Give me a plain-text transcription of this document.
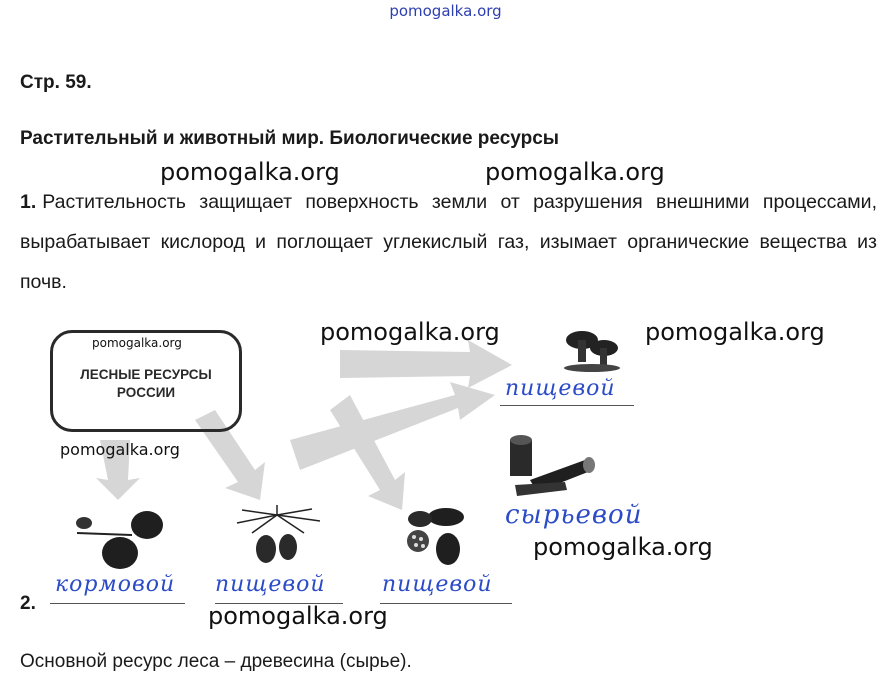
pomogalka.org
Стр. 59.
Растительный и животный мир. Биологические ресурсы
pomogalka.org	pomogalka.org
1. Растительность защищает поверхность земли от разрушения внешними процессами, вырабатывает кислород и поглощает углекислый газ, изымает органические вещества из почв.
pomogalka.org
ЛЕСНЫЕ РЕСУРСЫ
РОССИИ
pomogalka.org
pomogalka.org	pomogalka.org
пищевой
сырьевой
pomogalka.org
кормовой пищевой	пищевой
2.	pomogalka.org
Основной ресурс леса – древесина (сырье).
